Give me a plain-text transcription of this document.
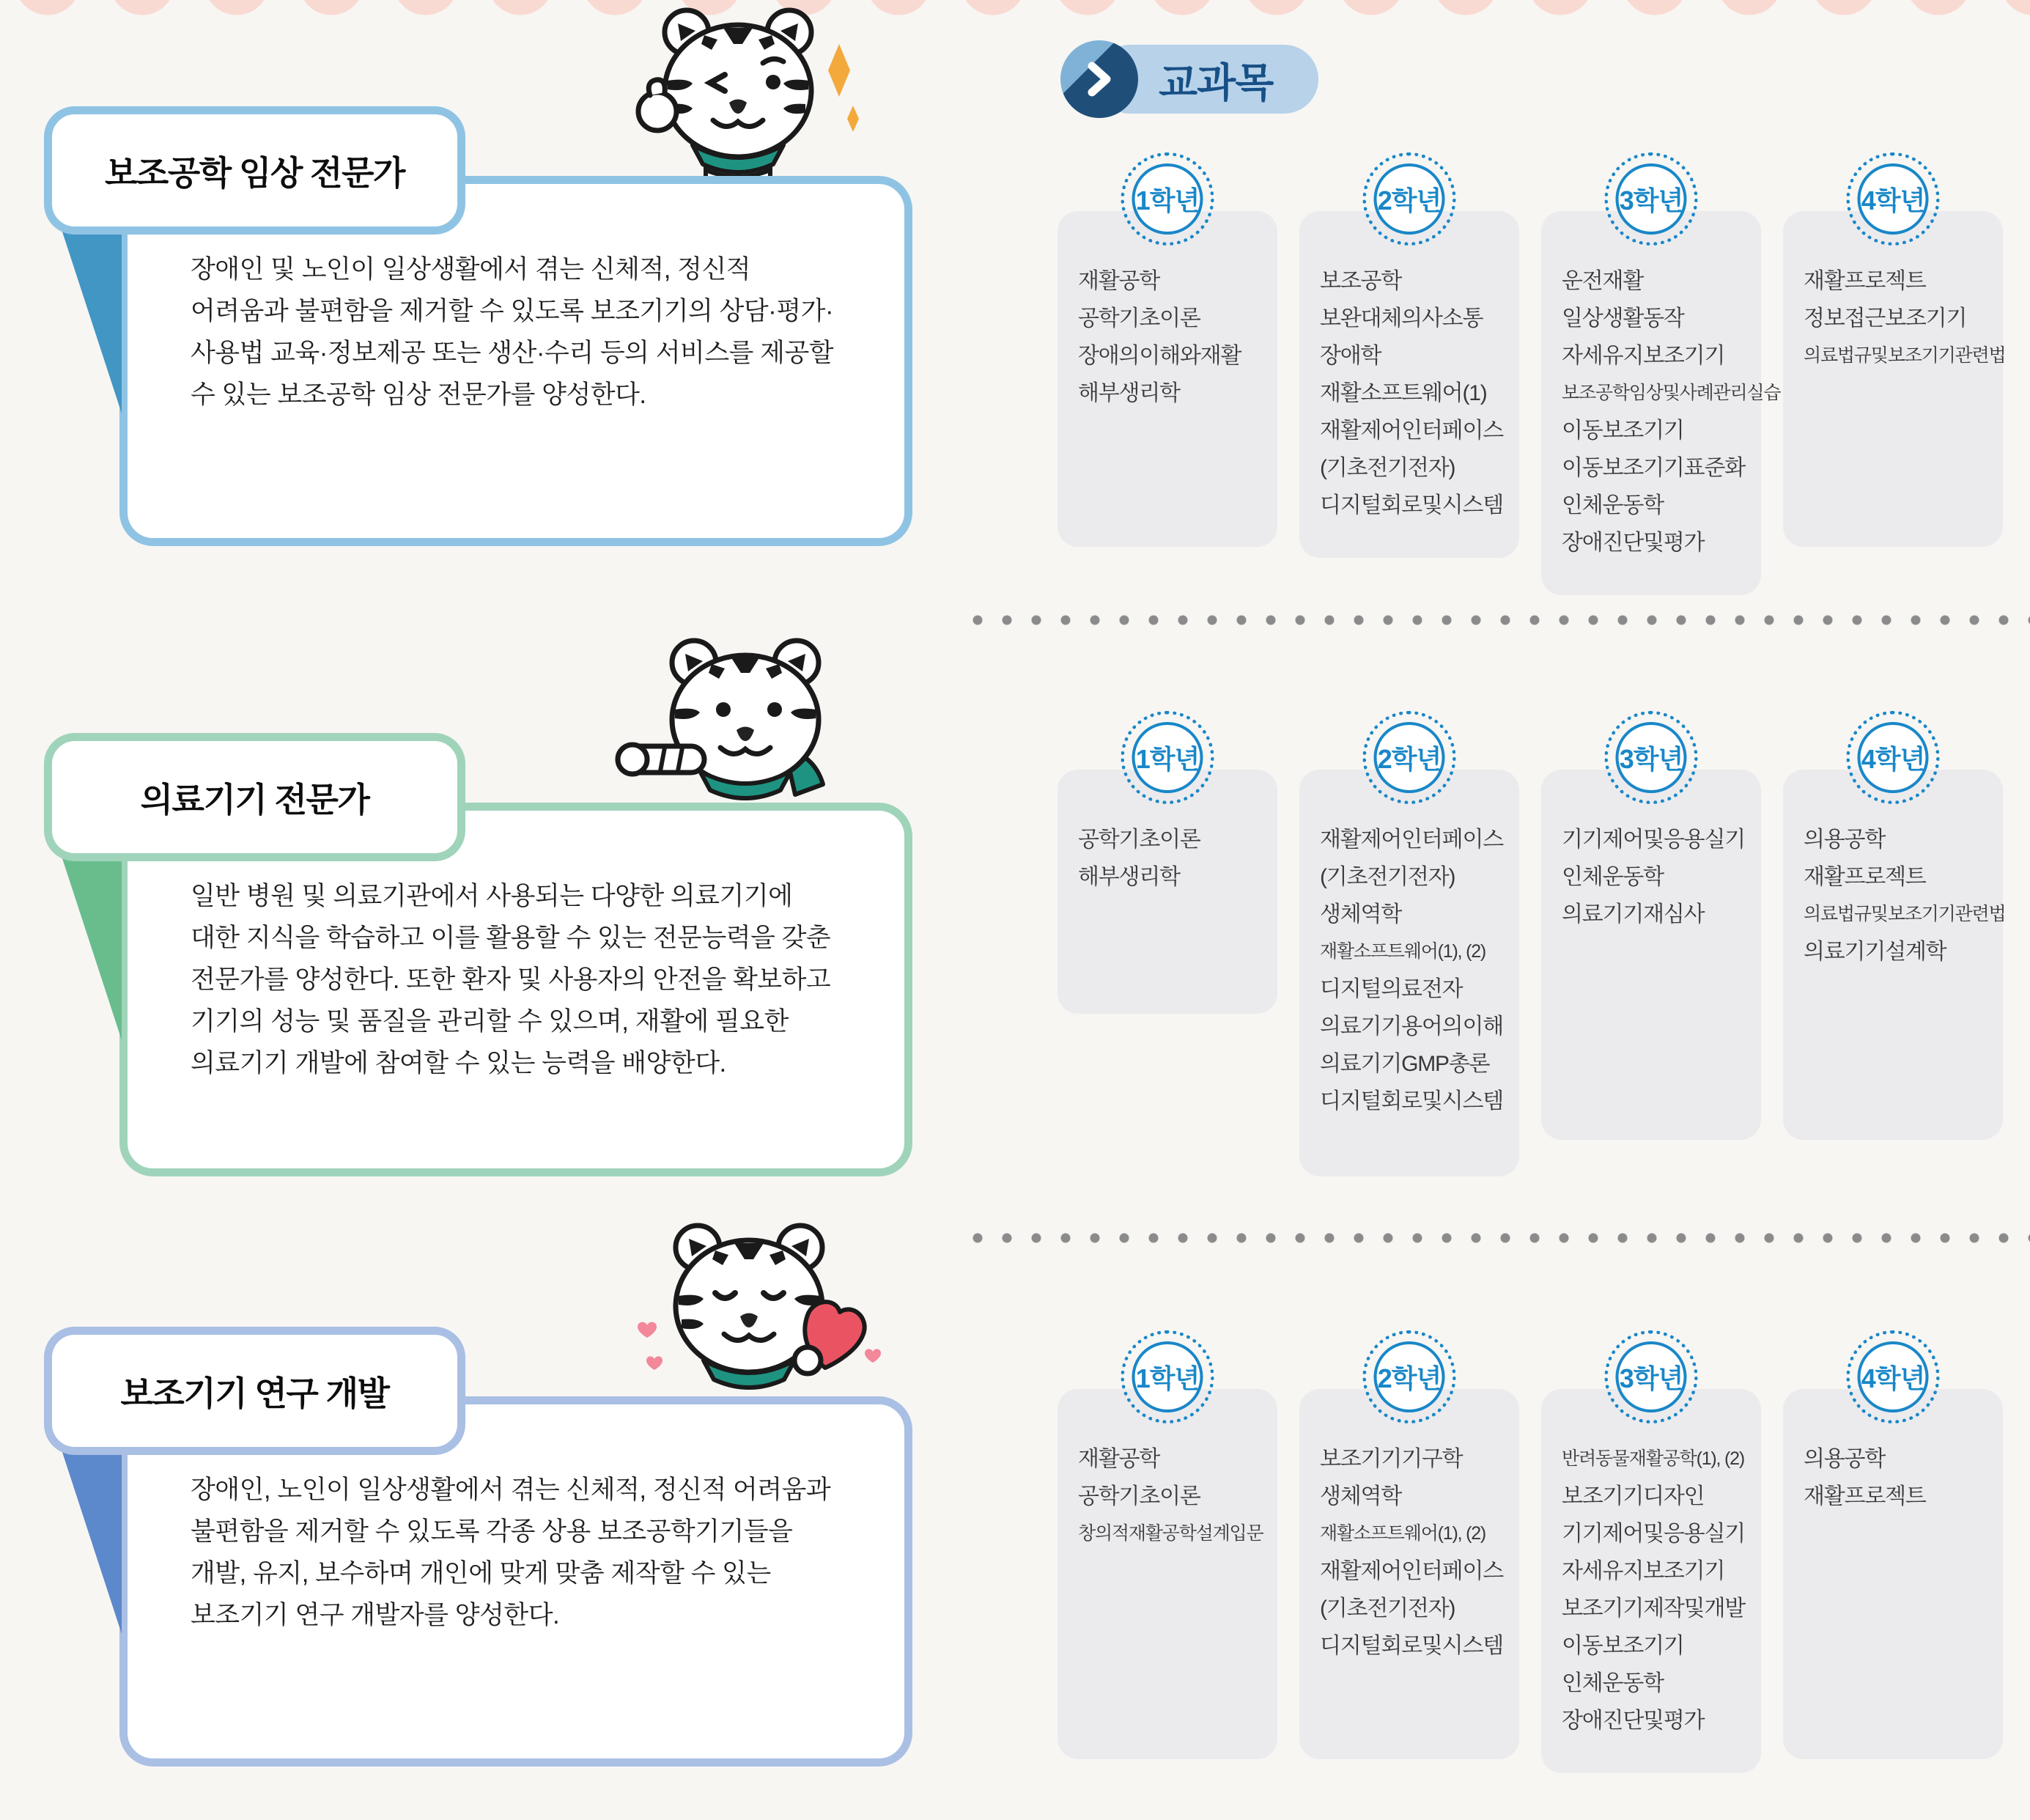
장애인 및 노인이 일상생활에서 겪는 신체적, 정신적 어려움과 불편함을 제거할 수 있도록 보조기기의 상담·평가·사용법 교육·정보제공 또는 생산·수리 등의 서비스를 제공할 수 있는 보조공학 임상 전문가를 양성한다.

보조공학 임상 전문가

일반 병원 및 의료기관에서 사용되는 다양한 의료기기에 대한 지식을 학습하고 이를 활용할 수 있는 전문능력을 갖춘 전문가를 양성한다. 또한 환자 및 사용자의 안전을 확보하고 기기의 성능 및 품질을 관리할 수 있으며, 재활에 필요한 의료기기 개발에 참여할 수 있는 능력을 배양한다.

의료기기 전문가

장애인, 노인이 일상생활에서 겪는 신체적, 정신적 어려움과 불편함을 제거할 수 있도록 각종 상용 보조공학기기들을 개발, 유지, 보수하며 개인에 맞게 맞춤 제작할 수 있는 보조기기 연구 개발자를 양성한다.

보조기기 연구 개발
교과목
1학년
재활공학
공학기초이론
장애의이해와재활
해부생리학
2학년
보조공학
보완대체의사소통
장애학
재활소프트웨어(1)
재활제어인터페이스
(기초전기전자)
디지털회로및시스템
3학년
운전재활
일상생활동작
자세유지보조기기
보조공학임상및사례관리실습
이동보조기기
이동보조기기표준화
인체운동학
장애진단및평가
4학년
재활프로젝트
정보접근보조기기
의료법규및보조기기관련법
1학년
공학기초이론
해부생리학
2학년
재활제어인터페이스
(기초전기전자)
생체역학
재활소프트웨어(1), (2)
디지털의료전자
의료기기용어의이해
의료기기GMP총론
디지털회로및시스템
3학년
기기제어및응용실기
인체운동학
의료기기재심사
4학년
의용공학
재활프로젝트
의료법규및보조기기관련법
의료기기설계학
1학년
재활공학
공학기초이론
창의적재활공학설계입문
2학년
보조기기기구학
생체역학
재활소프트웨어(1), (2)
재활제어인터페이스
(기초전기전자)
디지털회로및시스템
3학년
반려동물재활공학(1), (2)
보조기기디자인
기기제어및응용실기
자세유지보조기기
보조기기제작및개발
이동보조기기
인체운동학
장애진단및평가
4학년
의용공학
재활프로젝트
